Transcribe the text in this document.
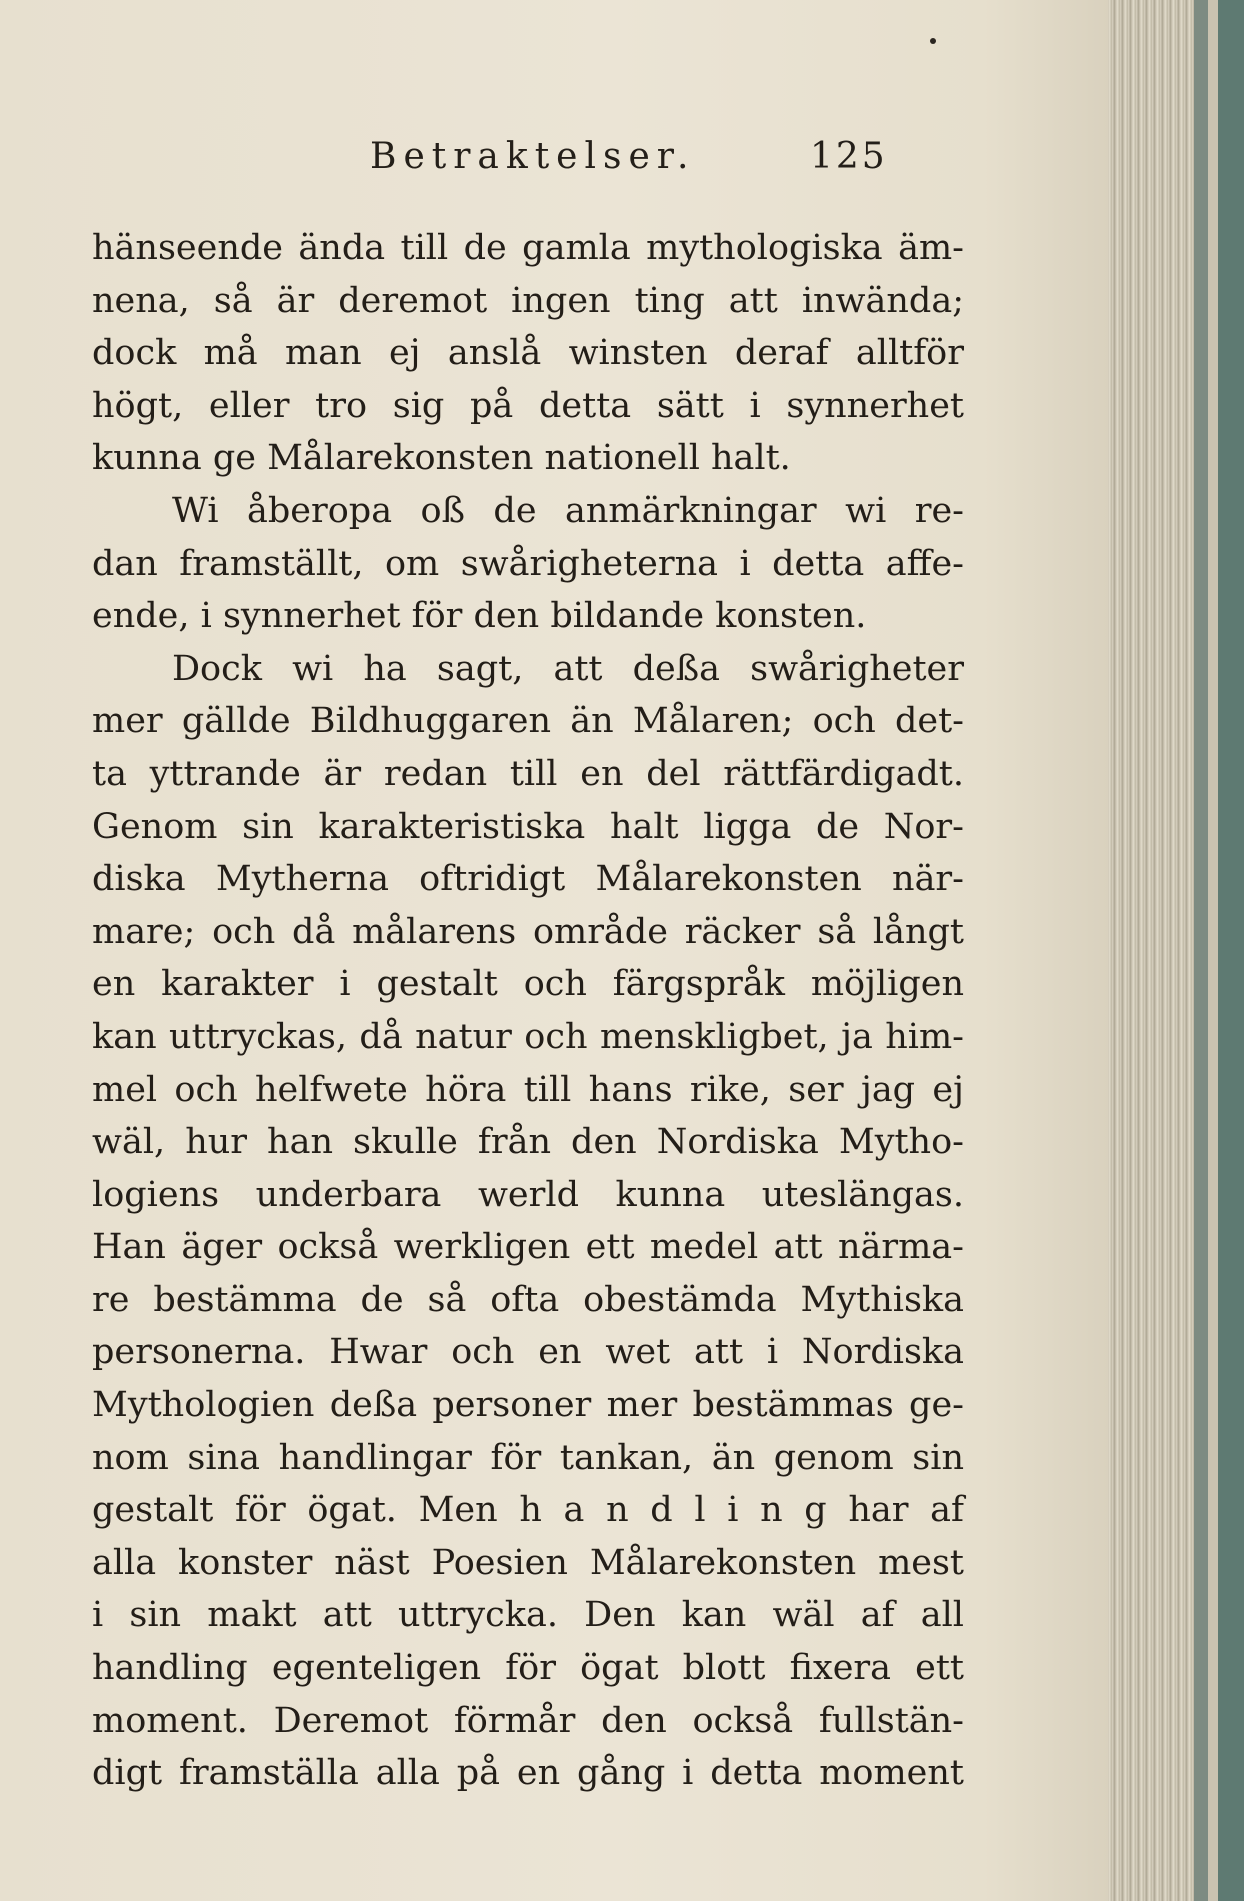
Betraktelser.	125
hänseende ända till de gamla mythologiska äm-
nena, så är deremot ingen ting att inwända;
dock må man ej anslå winsten deraf alltför
högt, eller tro sig på detta sätt i synnerhet
kunna ge Målarekonsten nationell halt.
Wi åberopa oß de anmärkningar wi re-
dan framställt, om swårigheterna i detta affe-
ende, i synnerhet för den bildande konsten.
Dock wi ha sagt, att deßa swårigheter
mer gällde Bildhuggaren än Målaren; och det-
ta yttrande är redan till en del rättfärdigadt.
Genom sin karakteristiska halt ligga de Nor-
diska Mytherna oftridigt Målarekonsten när-
mare; och då målarens område räcker så långt
en karakter i gestalt och färgspråk möjligen
kan uttryckas, då natur och menskligbet, ja him-
mel och helfwete höra till hans rike, ser jag ej
wäl, hur han skulle från den Nordiska Mytho-
logiens underbara werld kunna uteslängas.
Han äger också werkligen ett medel att närma-
re bestämma de så ofta obestämda Mythiska
personerna. Hwar och en wet att i Nordiska
Mythologien deßa personer mer bestämmas ge-
nom sina handlingar för tankan, än genom sin
gestalt för ögat. Men h a n d l i n g har af
alla konster näst Poesien Målarekonsten mest
i sin makt att uttrycka. Den kan wäl af all
handling egenteligen för ögat blott fixera ett
moment. Deremot förmår den också fullstän-
digt framställa alla på en gång i detta moment
